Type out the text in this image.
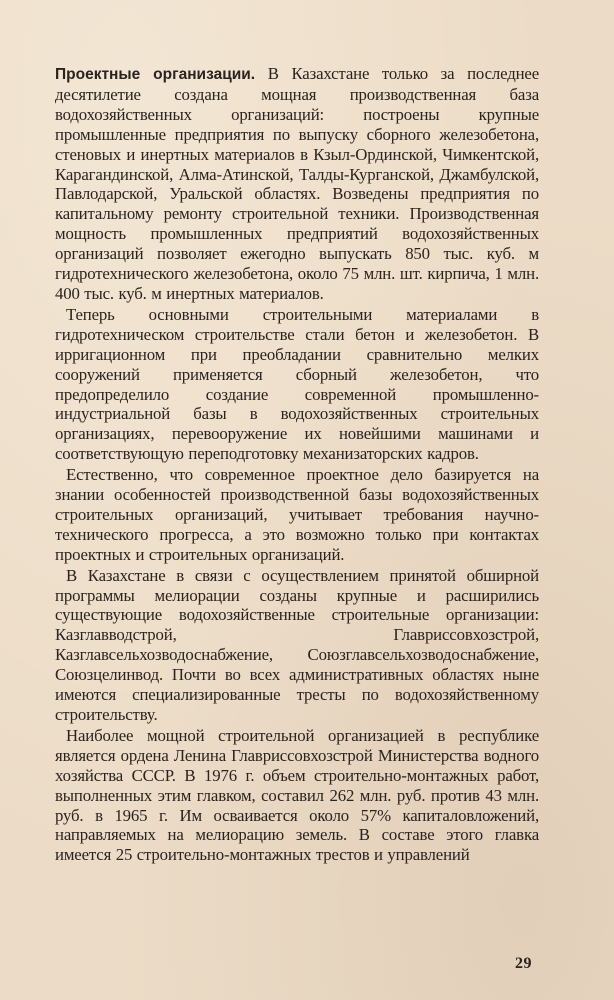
Проектные организации. В Казахстане только за последнее десятилетие создана мощная производственная база водохозяйственных организаций: построены крупные промышленные предприятия по выпуску сборного железобетона, стеновых и инертных материалов в Кзыл-Ординской, Чимкентской, Карагандинской, Алма-Атинской, Талды-Курганской, Джамбулской, Павлодарской, Уральской областях. Возведены предприятия по капитальному ремонту строительной техники. Производственная мощность промышленных предприятий водохозяйственных организаций позволяет ежегодно выпускать 850 тыс. куб. м гидротехнического железобетона, около 75 млн. шт. кирпича, 1 млн. 400 тыс. куб. м инертных материалов.

Теперь основными строительными материалами в гидротехническом строительстве стали бетон и железобетон. В ирригационном при преобладании сравнительно мелких сооружений применяется сборный железобетон, что предопределило создание современной промышленно-индустриальной базы в водохозяйственных строительных организациях, перевооружение их новейшими машинами и соответствующую переподготовку механизаторских кадров.

Естественно, что современное проектное дело базируется на знании особенностей производственной базы водохозяйственных строительных организаций, учитывает требования научно-технического прогресса, а это возможно только при контактах проектных и строительных организаций.

В Казахстане в связи с осуществлением принятой обширной программы мелиорации созданы крупные и расширились существующие водохозяйственные строительные организации: Казглавводстрой, Главриссовхозстрой, Казглавсельхозводоснабжение, Союзглавсельхозводоснабжение, Союзцелинвод. Почти во всех административных областях ныне имеются специализированные тресты по водохозяйственному строительству.

Наиболее мощной строительной организацией в республике является ордена Ленина Главриссовхозстрой Министерства водного хозяйства СССР. В 1976 г. объем строительно-монтажных работ, выполненных этим главком, составил 262 млн. руб. против 43 млн. руб. в 1965 г. Им осваивается около 57% капиталовложений, направляемых на мелиорацию земель. В составе этого главка имеется 25 строительно-монтажных трестов и управлений

29
